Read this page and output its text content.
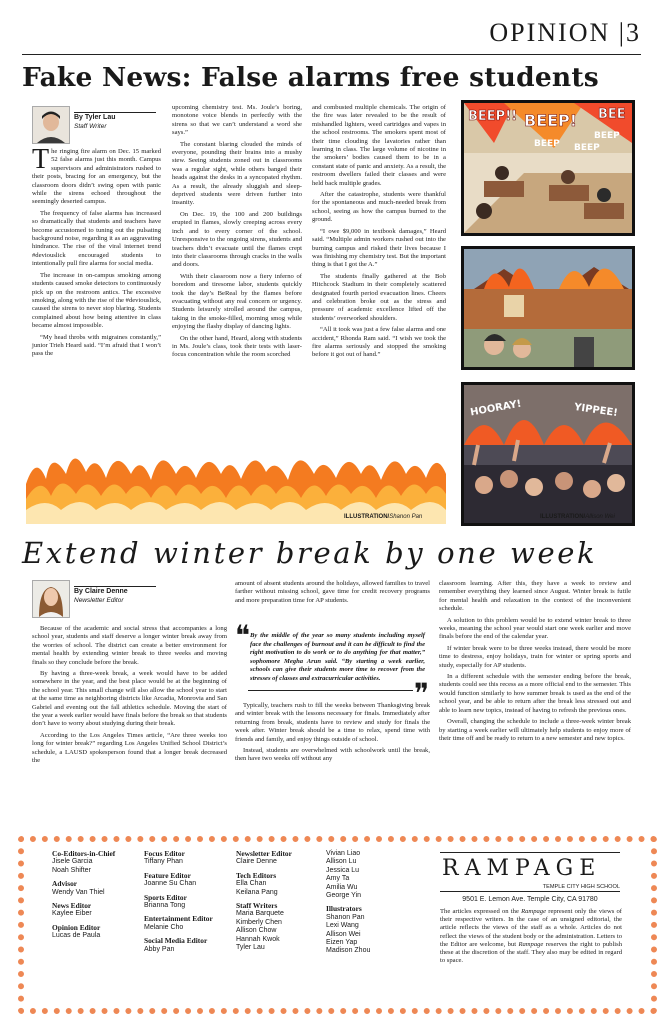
OPINION |3
Fake News: False alarms free students
By Tyler Lau
Staff Writer

The ringing fire alarm on Dec. 15 marked 52 false alarms just this month. Campus supervisors and administrators rushed to their posts, bracing for an emergency, but the classroom doors didn’t swing open with panic while the sirens echoed throughout the seemingly deserted campus.

The frequency of false alarms has increased so dramatically that students and teachers have become accustomed to tuning out the pulsating background noise, regarding it as an aggravating hindrance. The rise of the viral internet trend #deviouslick encouraged students to intentionally pull fire alarms for social media.

The increase in on-campus smoking among students caused smoke detectors to continuously pick up on the restroom antics. The excessive smoking, along with the rise of the #deviouslick, caused the sirens to never stop blaring. Students complained about how being attentive in class became almost impossible.

“My head throbs with migraines constantly,” junior Trieh Heard said. “I’m afraid that I won’t pass the

upcoming chemistry test. Ms. Joule’s boring, monotone voice blends in perfectly with the sirens so that we can’t understand a word she says.”

The constant blaring clouded the minds of everyone, pounding their brains into a mushy stew. Seeing students zoned out in classrooms was a regular sight, while others banged their heads against the desks in a syncopated rhythm. As a result, the already sluggish and sleep-deprived students were driven further into insanity.

On Dec. 19, the 100 and 200 buildings erupted in flames, slowly creeping across every inch and to every corner of the school. Unresponsive to the ongoing sirens, students and teachers didn’t evacuate until the flames crept into their classrooms through cracks in the walls and doors.

With their classroom now a fiery inferno of boredom and tiresome labor, students quickly took the day’s BeReal by the flames before evacuating without any real concern or urgency. Students leisurely strolled around the campus, taking in the smoke-filled, morning smog while enjoying the flashy display of dancing lights.

On the other hand, Heard, along with students in Ms. Joule’s class, took their tests with laser-focus concentration while the room scorched

and combusted multiple chemicals. The origin of the fire was later revealed to be the result of mishandled lighters, weed cartridges and vapes in the school restrooms. The smokers spent most of their time clouding the lavatories rather than learning in class. The large volume of nicotine in the smokers’ bodies caused them to be in a constant state of panic and anxiety. As a result, the restroom dwellers failed their classes and were held back multiple grades.

After the catastrophe, students were thankful for the spontaneous and much-needed break from school, seeing as how the campus burned to the ground.

“I owe $9,000 in textbook damages,” Heard said. “Multiple admin workers rushed out into the burning campus and risked their lives because I was finishing my chemistry test. But the important thing is that I got the A.”

The students finally gathered at the Bob Hitchcock Stadium in their completely scattered designated fourth period evacuation lines. Cheers and celebration broke out as the stress and pressure of academic excellence lifted off the students’ overworked shoulders.

“All it took was just a few false alarms and one accident,” Rhonda Ram said. “I wish we took the fire alarms seriously and stopped the smoking before it got out of hand.”

BEEP!! BEEP! BEE
BEEP BEEP
BEEP
HOORAY!	YIPPEE!
ILLUSTRATION/Shanon Pan	ILLUSTRATION/Allison Wei
Extend winter break by one week
By Claire Denne
Newsletter Editor

Because of the academic and social stress that accompanies a long school year, students and staff deserve a longer winter break away from the worries of school. The district can create a better environment for mental health by extending winter break to three weeks and moving finals so they conclude before the break.

By having a three-week break, a week would have to be added somewhere in the year, and the best place would be at the beginning of the school year. This small change will also allow the school year to start at the same time as neighboring districts like Arcadia, Monrovia and San Gabriel and evening out the fall athletics schedule. Moving the start of the year a week earlier would have finals before the break so that students don’t have to worry about studying during their break.

According to the Los Angeles Times article, “Are three weeks too long for winter break?” regarding Los Angeles Unified School District’s schedule, a LAUSD spokesperson found that a longer break decreased the

amount of absent students around the holidays, allowed families to travel farther without missing school, gave time for credit recovery programs and more preparation time for AP students.

❝ By the middle of the year so many students including myself face the challenges of burnout and it can be difficult to find the right motivation to do work or to do anything for that matter,” sophomore Megha Arun said. “By starting a week earlier, schools can give their students more time to recover from the stresses of classes and extracurricular activities.	❞

Typically, teachers rush to fill the weeks between Thanksgiving break and winter break with the lessons necessary for finals. Immediately after returning from break, students have to review and study for finals the week after. Winter break should be a time to relax, spend time with friends and family, and enjoy things outside of school.

Instead, students are overwhelmed with schoolwork until the break, then have two weeks off without any

classroom learning. After this, they have a week to review and remember everything they learned since August. Winter break is futile for mental health and relaxation in the context of the inconvenient schedule.

A solution to this problem would be to extend winter break to three weeks, meaning the school year would start one week earlier and move finals before the end of the calendar year.

If winter break were to be three weeks instead, there would be more time to destress, enjoy holidays, train for winter or spring sports and study, especially for AP students.

In a different schedule with the semester ending before the break, students could see this recess as a more official end to the semester. This would function similarly to how summer break is used as the end of the school year, and be able to return after the break less stressed out and able to learn new topics, instead of having to refresh the previous ones.

Overall, changing the schedule to include a three-week winter break by starting a week earlier will ultimately help students to enjoy more of their time off and be ready to return to a new semester and new topics.

Co-Editors-in-Chief
Jisele Garcia
Noah Shifter
Advisor
Wendy Van Thiel
News Editor
Kaylee Eiber
Opinion Editor
Lucas de Paula
Focus Editor
Tiffany Phan
Feature Editor
Joanne Su Chan
Sports Editor
Brianna Tong
Entertainment Editor
Melanie Cho
Social Media Editor
Abby Pan
Newsletter Editor
Claire Denne
Tech Editors
Ella Chan
Keilana Pang
Staff Writers
Maria Barquete
Kimberly Chen
Allison Chow
Hannah Kwok
Tyler Lau
Vivian Liao
Allison Lu
Jessica Lu
Amy Ta
Amilia Wu
George Yin
Illustrators
Shanon Pan
Lexi Wang
Allison Wei
Eizen Yap
Madison Zhou
RAMPAGE
TEMPLE CITY HIGH SCHOOL
9501 E. Lemon Ave. Temple City, CA 91780
The articles expressed on the Rampage represent only the views of their respective writers. In the case of an unsigned editorial, the article reflects the views of the staff as a whole. Articles do not reflect the views of the student body or the administration. Letters to the Editor are welcome, but Rampage reserves the right to publish these at the discretion of the staff. They also may be edited in regard to space.
